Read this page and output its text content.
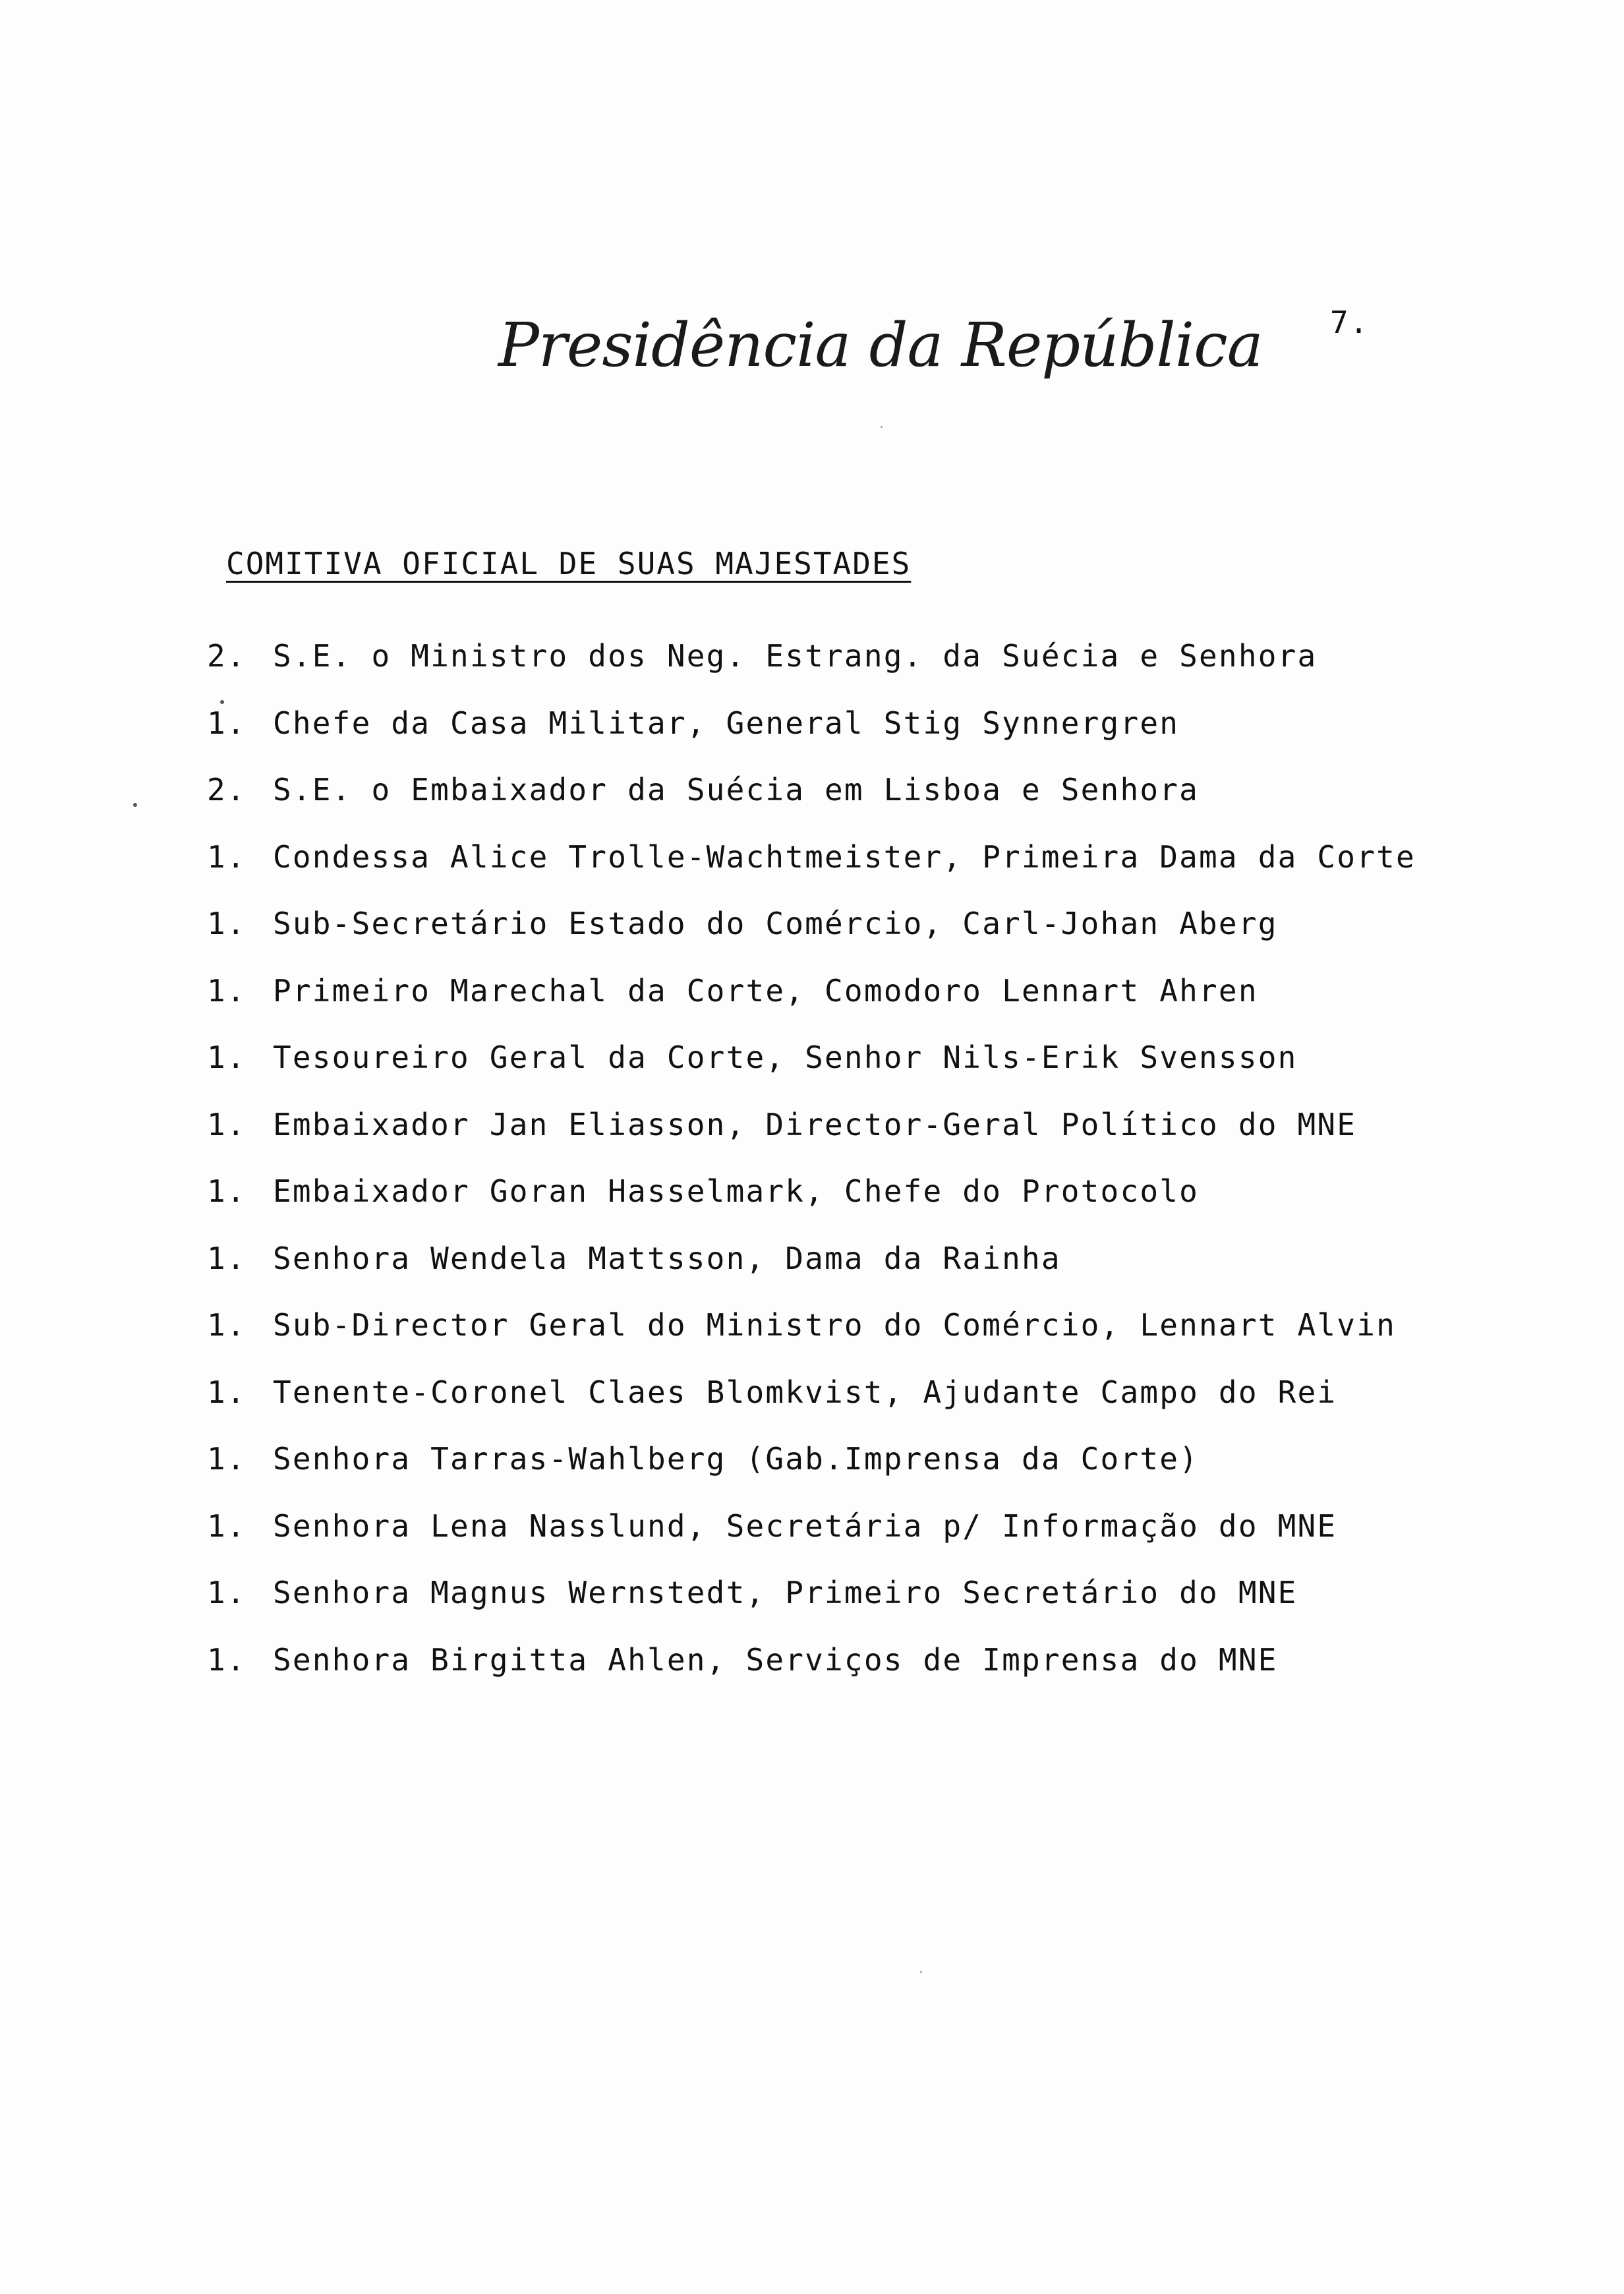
7.
Presidência da República
COMITIVA OFICIAL DE SUAS MAJESTADES
2. S.E. o Ministro dos Neg. Estrang. da Suécia e Senhora
1. Chefe da Casa Militar, General Stig Synnergren
2. S.E. o Embaixador da Suécia em Lisboa e Senhora
1. Condessa Alice Trolle-Wachtmeister, Primeira Dama da Corte
1. Sub-Secretário Estado do Comércio, Carl-Johan Aberg
1. Primeiro Marechal da Corte, Comodoro Lennart Ahren
1. Tesoureiro Geral da Corte, Senhor Nils-Erik Svensson
1. Embaixador Jan Eliasson, Director-Geral Político do MNE
1. Embaixador Goran Hasselmark, Chefe do Protocolo
1. Senhora Wendela Mattsson, Dama da Rainha
1. Sub-Director Geral do Ministro do Comércio, Lennart Alvin
1. Tenente-Coronel Claes Blomkvist, Ajudante Campo do Rei
1. Senhora Tarras-Wahlberg (Gab.Imprensa da Corte)
1. Senhora Lena Nasslund, Secretária p/ Informação do MNE
1. Senhora Magnus Wernstedt, Primeiro Secretário do MNE
1. Senhora Birgitta Ahlen, Serviços de Imprensa do MNE
